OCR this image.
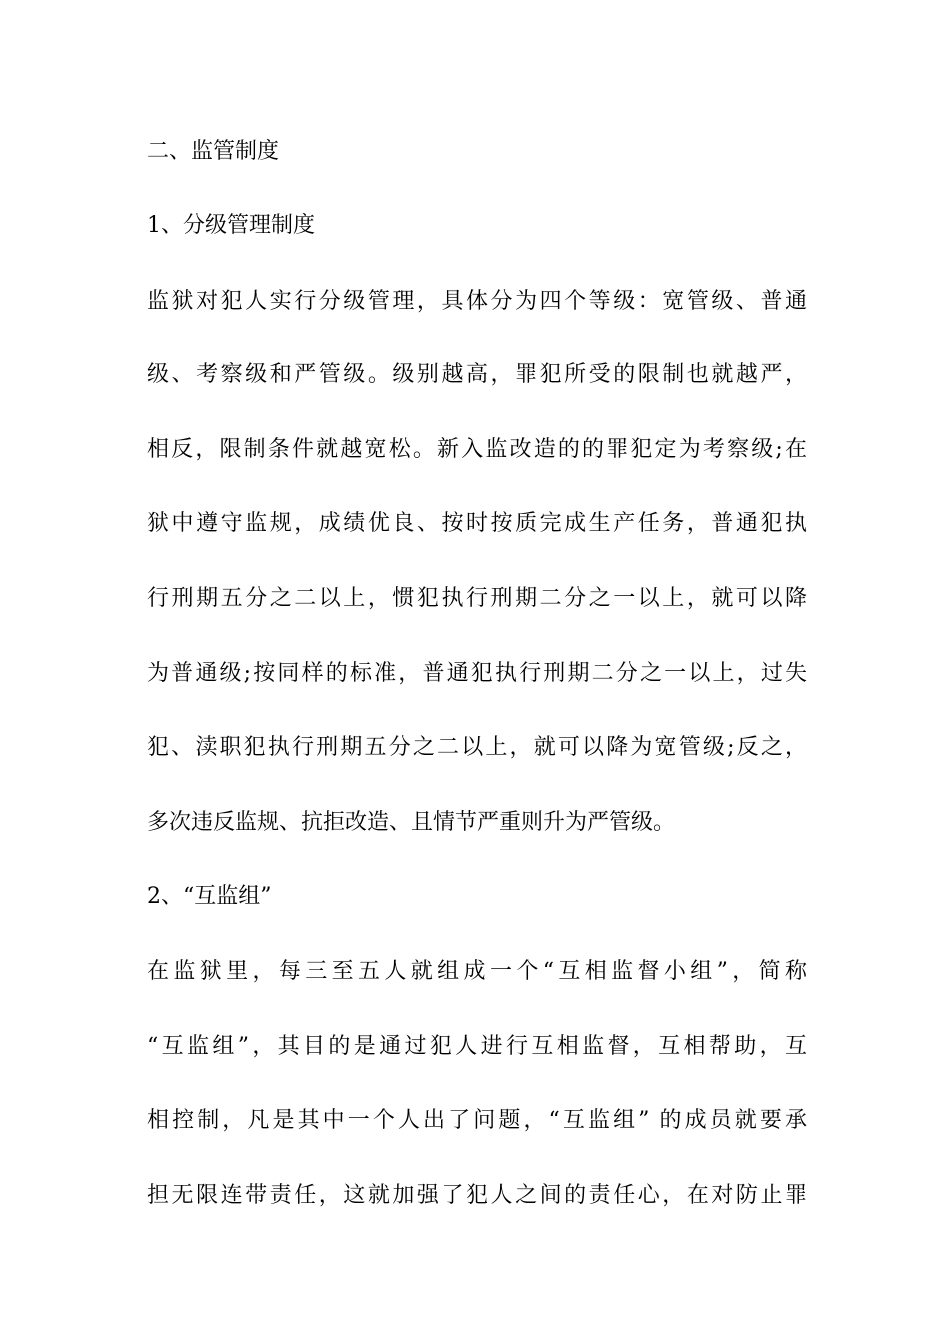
二、监管制度
1、分级管理制度
监狱对犯人实行分级管理，具体分为四个等级：宽管级、普通
级、考察级和严管级。级别越高，罪犯所受的限制也就越严，
相反，限制条件就越宽松。新入监改造的的罪犯定为考察级;在
狱中遵守监规，成绩优良、按时按质完成生产任务，普通犯执
行刑期五分之二以上，惯犯执行刑期二分之一以上，就可以降
为普通级;按同样的标准，普通犯执行刑期二分之一以上，过失
犯、渎职犯执行刑期五分之二以上，就可以降为宽管级;反之，
多次违反监规、抗拒改造、且情节严重则升为严管级。
2、“互监组”
在监狱里，每三至五人就组成一个“互相监督小组”，简称
“互监组”，其目的是通过犯人进行互相监督，互相帮助，互
相控制，凡是其中一个人出了问题，“互监组” 的成员就要承
担无限连带责任，这就加强了犯人之间的责任心，在对防止罪
